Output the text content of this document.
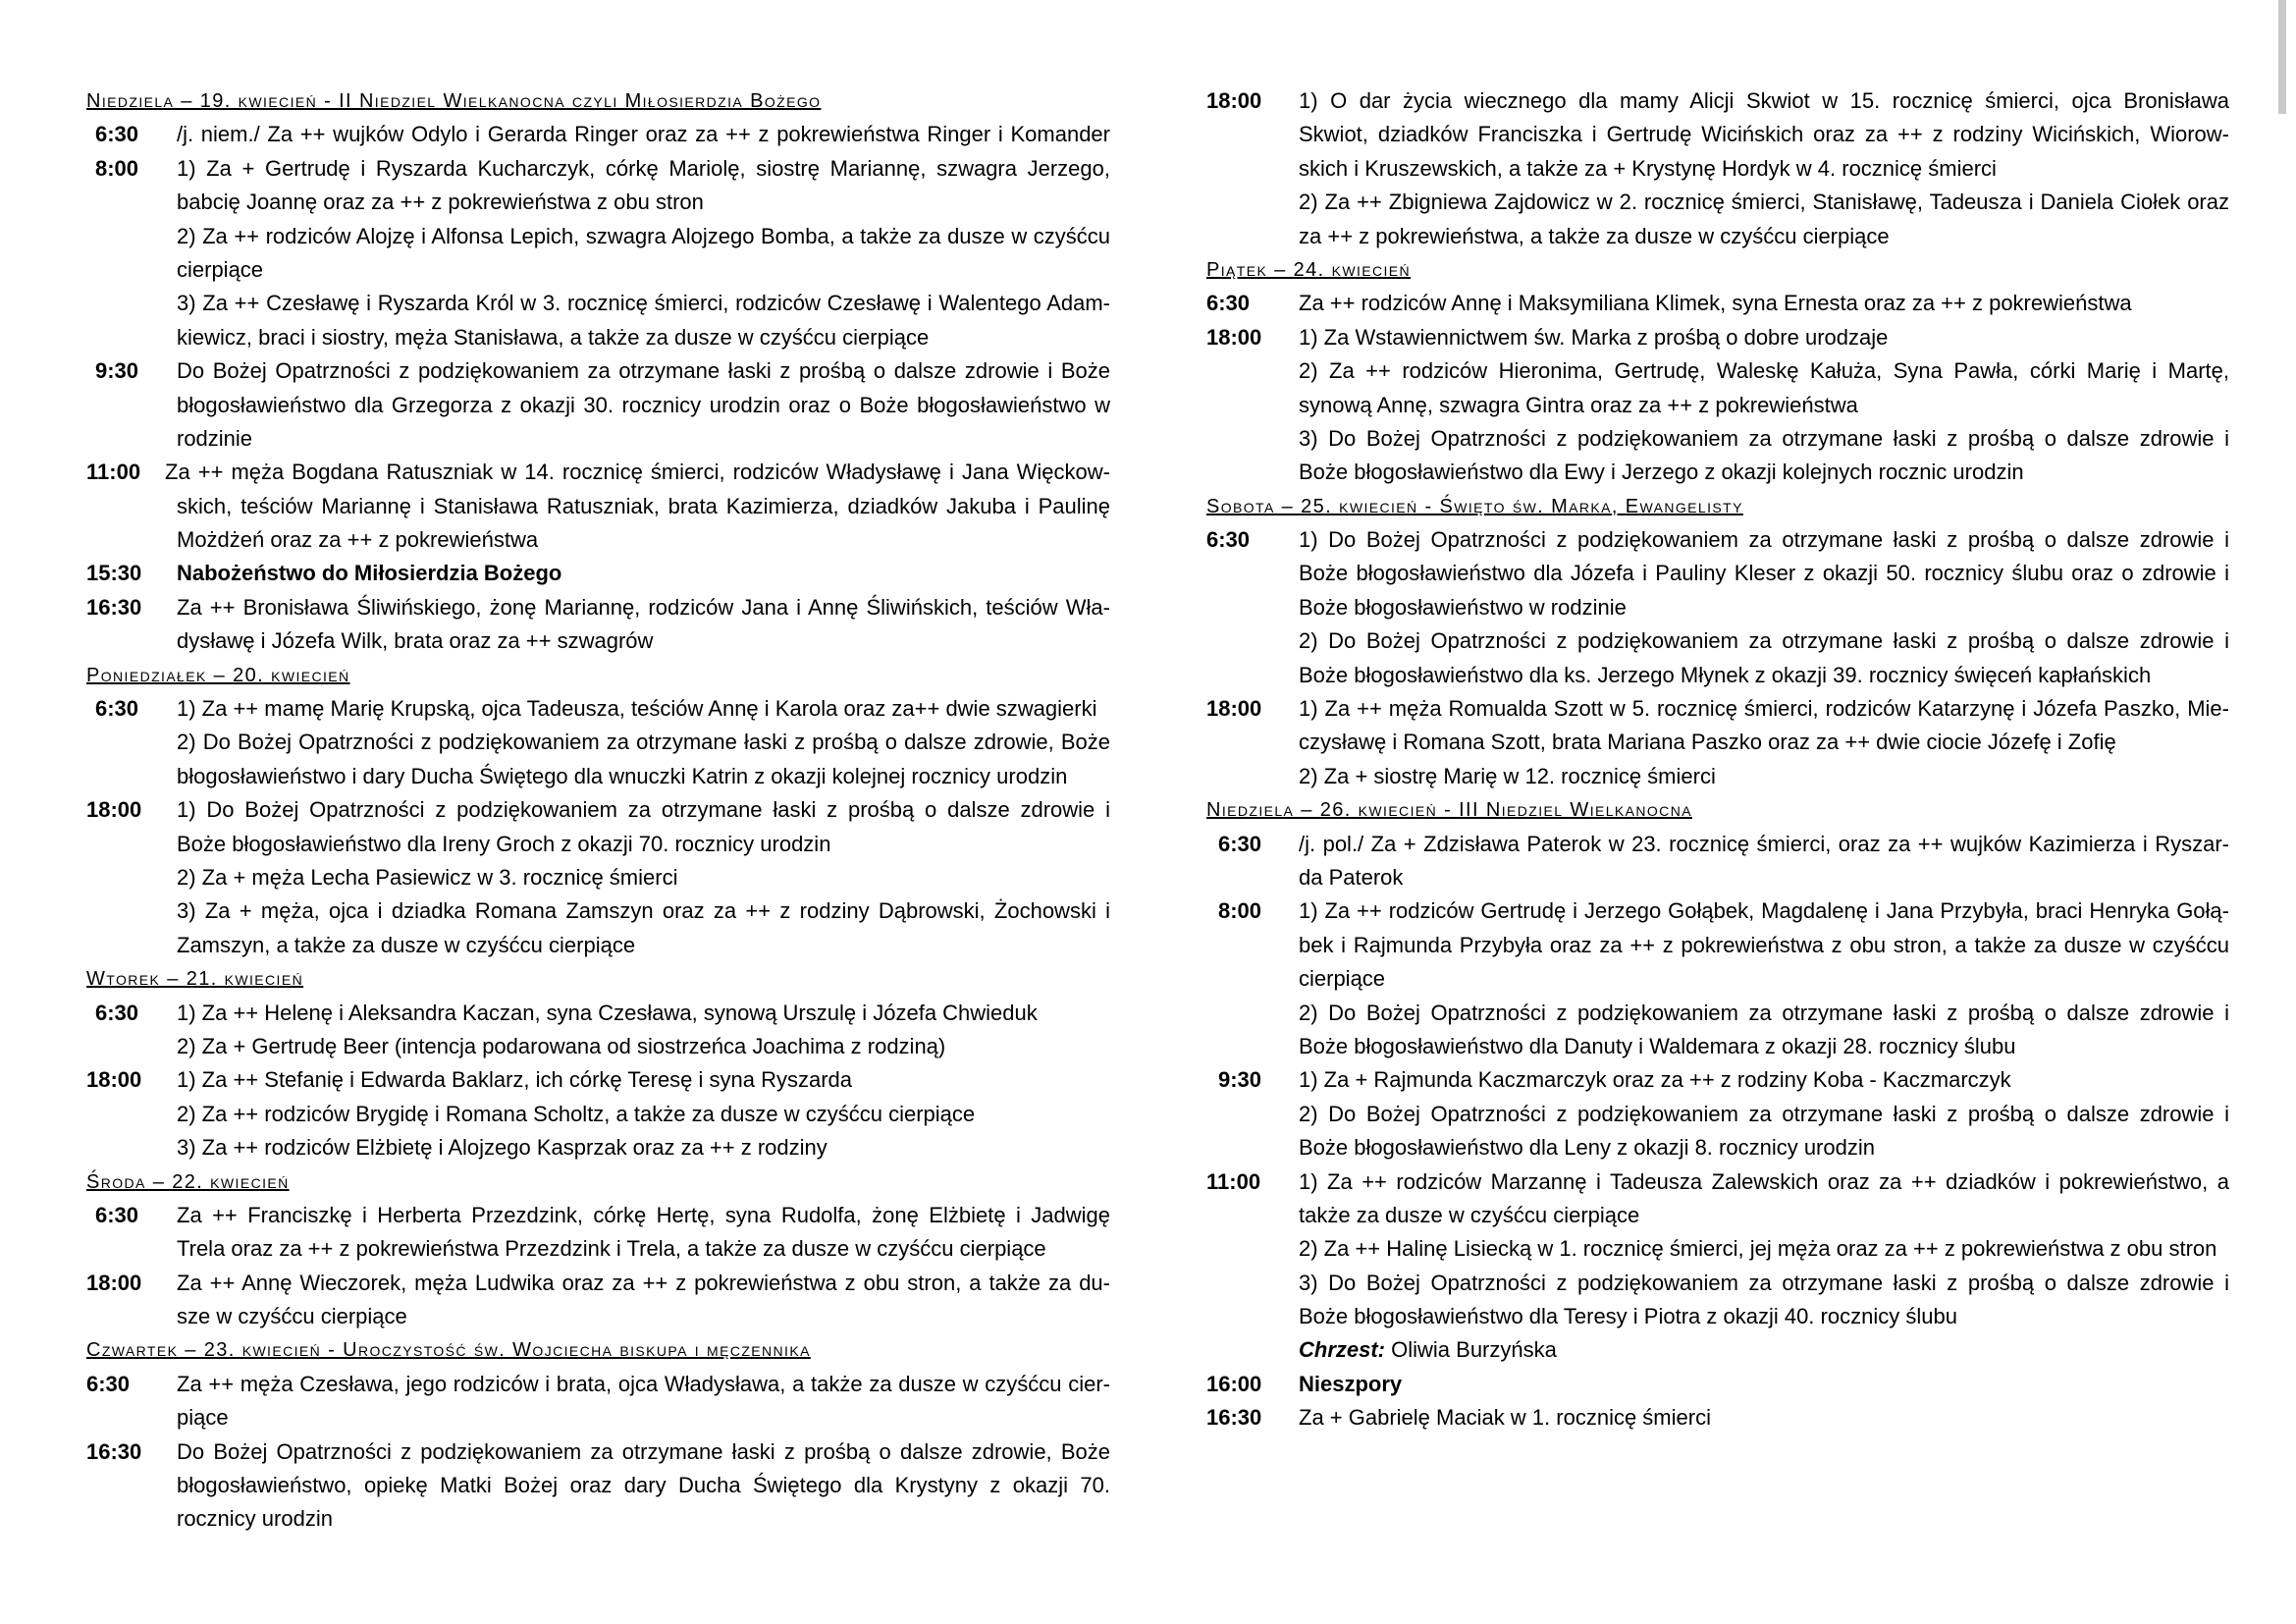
Niedziela – 19. kwiecień - II Niedziel Wielkanocna czyli Miłosierdzia Bożego
6:30	/j. niem./ Za ++ wujków Odylo i Gerarda Ringer oraz za ++ z pokrewieństwa Ringer i Komander
8:00	1) Za + Gertrudę i Ryszarda Kucharczyk, córkę Mariolę, siostrę Mariannę, szwagra Jerzego,
babcię Joannę oraz za ++ z pokrewieństwa z obu stron
2) Za ++ rodziców Alojzę i Alfonsa Lepich, szwagra Alojzego Bomba, a także za dusze w czyśćcu
cierpiące
3) Za ++ Czesławę i Ryszarda Król w 3. rocznicę śmierci, rodziców Czesławę i Walentego Adam-
kiewicz, braci i siostry, męża Stanisława, a także za dusze w czyśćcu cierpiące
9:30	Do Bożej Opatrzności z podziękowaniem za otrzymane łaski z prośbą o dalsze zdrowie i Boże
błogosławieństwo dla Grzegorza z okazji 30. rocznicy urodzin oraz o Boże błogosławieństwo w
rodzinie
11:00	Za ++ męża Bogdana Ratuszniak w 14. rocznicę śmierci, rodziców Władysławę i Jana Więckow-
skich, teściów Mariannę i Stanisława Ratuszniak, brata Kazimierza, dziadków Jakuba i Paulinę
Możdżeń oraz za ++ z pokrewieństwa
15:30	Nabożeństwo do Miłosierdzia Bożego
16:30	Za ++ Bronisława Śliwińskiego, żonę Mariannę, rodziców Jana i Annę Śliwińskich, teściów Wła-
dysławę i Józefa Wilk, brata oraz za ++ szwagrów
Poniedziałek – 20. kwiecień
6:30	1) Za ++ mamę Marię Krupską, ojca Tadeusza, teściów Annę i Karola oraz za++ dwie szwagierki
2) Do Bożej Opatrzności z podziękowaniem za otrzymane łaski z prośbą o dalsze zdrowie, Boże
błogosławieństwo i dary Ducha Świętego dla wnuczki Katrin z okazji kolejnej rocznicy urodzin
18:00	1) Do Bożej Opatrzności z podziękowaniem za otrzymane łaski z prośbą o dalsze zdrowie i
Boże błogosławieństwo dla Ireny Groch z okazji 70. rocznicy urodzin
2) Za + męża Lecha Pasiewicz w 3. rocznicę śmierci
3) Za + męża, ojca i dziadka Romana Zamszyn oraz za ++ z rodziny Dąbrowski, Żochowski i
Zamszyn, a także za dusze w czyśćcu cierpiące
Wtorek – 21. kwiecień
6:30	1) Za ++ Helenę i Aleksandra Kaczan, syna Czesława, synową Urszulę i Józefa Chwieduk
2) Za + Gertrudę Beer (intencja podarowana od siostrzeńca Joachima z rodziną)
18:00	1) Za ++ Stefanię i Edwarda Baklarz, ich córkę Teresę i syna Ryszarda
2) Za ++ rodziców Brygidę i Romana Scholtz, a także za dusze w czyśćcu cierpiące
3) Za ++ rodziców Elżbietę i Alojzego Kasprzak oraz za ++ z rodziny
Środa – 22. kwiecień
6:30	Za ++ Franciszkę i Herberta Przezdzink, córkę Hertę, syna Rudolfa, żonę Elżbietę i Jadwigę
Trela oraz za ++ z pokrewieństwa Przezdzink i Trela, a także za dusze w czyśćcu cierpiące
18:00	Za ++ Annę Wieczorek, męża Ludwika oraz za ++ z pokrewieństwa z obu stron, a także za du-
sze w czyśćcu cierpiące
Czwartek – 23. kwiecień - Uroczystość św. Wojciecha biskupa i męczennika
6:30	Za ++ męża Czesława, jego rodziców i brata, ojca Władysława, a także za dusze w czyśćcu cier-
piące
16:30	Do Bożej Opatrzności z podziękowaniem za otrzymane łaski z prośbą o dalsze zdrowie, Boże
błogosławieństwo, opiekę Matki Bożej oraz dary Ducha Świętego dla Krystyny z okazji 70.
rocznicy urodzin
18:00	1) O dar życia wiecznego dla mamy Alicji Skwiot w 15. rocznicę śmierci, ojca Bronisława
Skwiot, dziadków Franciszka i Gertrudę Wicińskich oraz za ++ z rodziny Wicińskich, Wiorow-
skich i Kruszewskich, a także za + Krystynę Hordyk w 4. rocznicę śmierci
2) Za ++ Zbigniewa Zajdowicz w 2. rocznicę śmierci, Stanisławę, Tadeusza i Daniela Ciołek oraz
za ++ z pokrewieństwa, a także za dusze w czyśćcu cierpiące
Piątek – 24. kwiecień
6:30	Za ++ rodziców Annę i Maksymiliana Klimek, syna Ernesta oraz za ++ z pokrewieństwa
18:00	1) Za Wstawiennictwem św. Marka z prośbą o dobre urodzaje
2) Za ++ rodziców Hieronima, Gertrudę, Waleskę Kałuża, Syna Pawła, córki Marię i Martę,
synową Annę, szwagra Gintra oraz za ++ z pokrewieństwa
3) Do Bożej Opatrzności z podziękowaniem za otrzymane łaski z prośbą o dalsze zdrowie i
Boże błogosławieństwo dla Ewy i Jerzego z okazji kolejnych rocznic urodzin
Sobota – 25. kwiecień - Święto św. Marka, Ewangelisty
6:30	1) Do Bożej Opatrzności z podziękowaniem za otrzymane łaski z prośbą o dalsze zdrowie i
Boże błogosławieństwo dla Józefa i Pauliny Kleser z okazji 50. rocznicy ślubu oraz o zdrowie i
Boże błogosławieństwo w rodzinie
2) Do Bożej Opatrzności z podziękowaniem za otrzymane łaski z prośbą o dalsze zdrowie i
Boże błogosławieństwo dla ks. Jerzego Młynek z okazji 39. rocznicy święceń kapłańskich
18:00	1) Za ++ męża Romualda Szott w 5. rocznicę śmierci, rodziców Katarzynę i Józefa Paszko, Mie-
czysławę i Romana Szott, brata Mariana Paszko oraz za ++ dwie ciocie Józefę i Zofię
2) Za + siostrę Marię w 12. rocznicę śmierci
Niedziela – 26. kwiecień - III Niedziel Wielkanocna
6:30	/j. pol./ Za + Zdzisława Paterok w 23. rocznicę śmierci, oraz za ++ wujków Kazimierza i Ryszar-
da Paterok
8:00	1) Za ++ rodziców Gertrudę i Jerzego Gołąbek, Magdalenę i Jana Przybyła, braci Henryka Gołą-
bek i Rajmunda Przybyła oraz za ++ z pokrewieństwa z obu stron, a także za dusze w czyśćcu
cierpiące
2) Do Bożej Opatrzności z podziękowaniem za otrzymane łaski z prośbą o dalsze zdrowie i
Boże błogosławieństwo dla Danuty i Waldemara z okazji 28. rocznicy ślubu
9:30	1) Za + Rajmunda Kaczmarczyk oraz za ++ z rodziny Koba - Kaczmarczyk
2) Do Bożej Opatrzności z podziękowaniem za otrzymane łaski z prośbą o dalsze zdrowie i
Boże błogosławieństwo dla Leny z okazji 8. rocznicy urodzin
11:00	1) Za ++ rodziców Marzannę i Tadeusza Zalewskich oraz za ++ dziadków i pokrewieństwo, a
także za dusze w czyśćcu cierpiące
2) Za ++ Halinę Lisiecką w 1. rocznicę śmierci, jej męża oraz za ++ z pokrewieństwa z obu stron
3) Do Bożej Opatrzności z podziękowaniem za otrzymane łaski z prośbą o dalsze zdrowie i
Boże błogosławieństwo dla Teresy i Piotra z okazji 40. rocznicy ślubu
Chrzest: Oliwia Burzyńska
16:00	Nieszpory
16:30	Za + Gabrielę Maciak w 1. rocznicę śmierci
